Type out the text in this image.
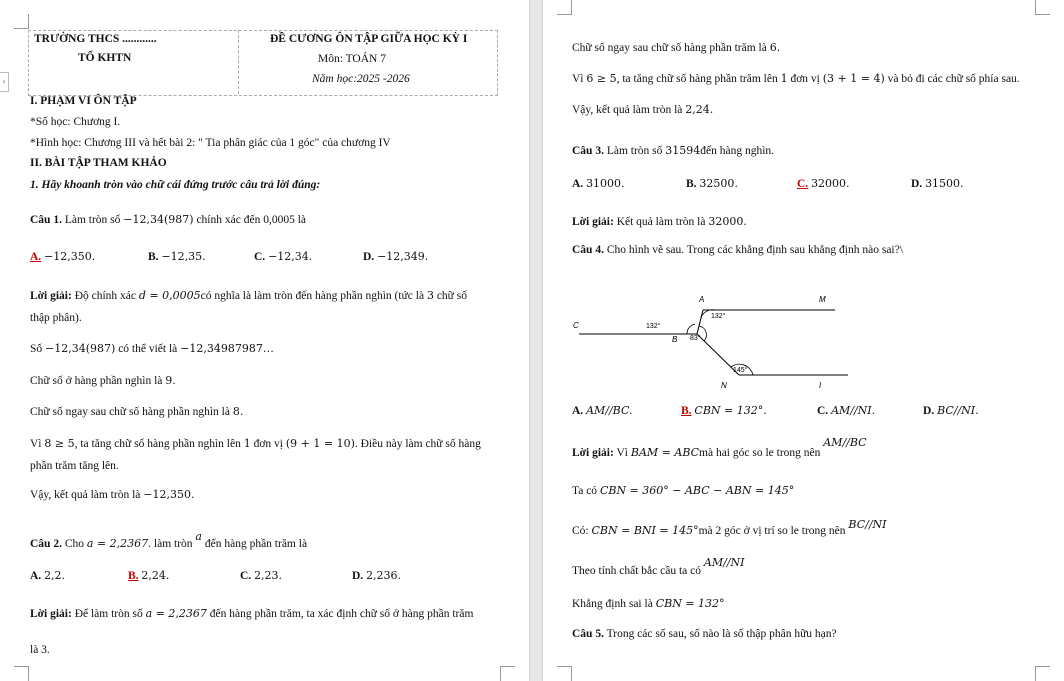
TRƯỜNG THCS ............
TỔ KHTN
ĐỀ CƯƠNG ÔN TẬP GIỮA HỌC KỲ I
Môn: TOÁN 7
Năm học:2025 -2026
I. PHẠM VI ÔN TẬP
*Số học: Chương I.
*Hình học: Chương III và hết bài 2: " Tia phân giác của 1 góc" của chương IV
II. BÀI TẬP THAM KHẢO
1. Hãy khoanh tròn vào chữ cái đứng trước câu trả lời đúng:
Câu 1. Làm tròn số −12,34(987) chính xác đến 0,0005 là
A. −12,350.	B. −12,35.	C. −12,34.	D. −12,349.
Lời giải: Độ chính xác d = 0,0005có nghĩa là làm tròn đến hàng phần nghìn (tức là 3 chữ số
thập phân).
Số −12,34(987) có thể viết là −12,34987987…
Chữ số ở hàng phần nghìn là 9.
Chữ số ngay sau chữ số hàng phần nghìn là 8.
Vì 8 ≥ 5, ta tăng chữ số hàng phần nghìn lên 1 đơn vị (9 + 1 = 10). Điều này làm chữ số hàng
phần trăm tăng lên.
Vậy, kết quả làm tròn là −12,350.
Câu 2. Cho a = 2,2367. làm tròn a đến hàng phần trăm là
A. 2,2.	B. 2,24.	C. 2,23.	D. 2,236.
Lời giải: Để làm tròn số a = 2,2367 đến hàng phần trăm, ta xác định chữ số ở hàng phần trăm
là 3.
›
Chữ số ngay sau chữ số hàng phần trăm là 6.
Vì 6 ≥ 5, ta tăng chữ số hàng phần trăm lên 1 đơn vị (3 + 1 = 4) và bỏ đi các chữ số phía sau.
Vậy, kết quả làm tròn là 2,24.
Câu 3. Làm tròn số 31594đến hàng nghìn.
A. 31000.	B. 32500.	C. 32000.	D. 31500.
Lời giải: Kết quả làm tròn là 32000.
Câu 4. Cho hình vẽ sau. Trong các khẳng định sau khẳng định nào sai?\
A	M
C
B
N	I
132°
132°
83°
145°
A. AM//BC.	B. CBN = 132°.	C. AM//NI.	D. BC//NI.
Lời giải: Vì BAM = ABCmà hai góc so le trong nên AM//BC
Ta có CBN = 360° − ABC − ABN = 145°
Có: CBN = BNI = 145°mà 2 góc ở vị trí so le trong nên BC//NI
Theo tính chất bắc cầu ta có AM//NI
Khẳng định sai là CBN = 132°
Câu 5. Trong các số sau, số nào là số thập phân hữu hạn?
